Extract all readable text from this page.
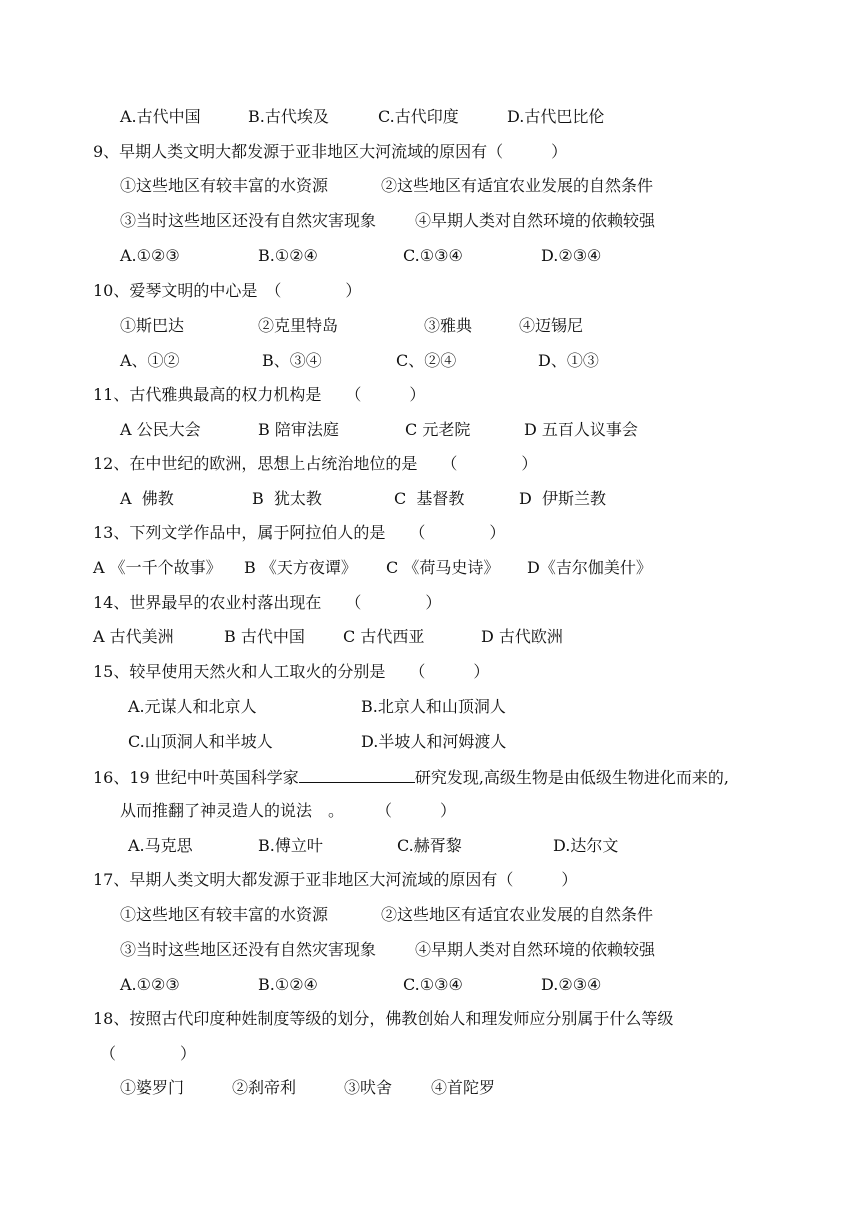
A.古代中国	B.古代埃及	C.古代印度	D.古代巴比伦
9、早期人类文明大都发源于亚非地区大河流域的原因有（　　　）
①这些地区有较丰富的水资源	②这些地区有适宜农业发展的自然条件
③当时这些地区还没有自然灾害现象 ④早期人类对自然环境的依赖较强
A.①②③	B.①②④	C.①③④	D.②③④
10、爱琴文明的中心是　（　　　　）
①斯巴达	②克里特岛	③雅典	④迈锡尼
A、①②	B、③④	C、②④	D、①③
11、古代雅典最高的权力机构是　　（　　　）
A 公民大会	B 陪审法庭	C 元老院	D 五百人议事会
12、在中世纪的欧洲，思想上占统治地位的是　　（　　　　）
A  佛教	B  犹太教	C  基督教	D  伊斯兰教
13、下列文学作品中，属于阿拉伯人的是　　（　　　　）
A 《一千个故事》 B 《天方夜谭》 C 《荷马史诗》 D《吉尔伽美什》
14、世界最早的农业村落出现在　　（　　　　）
A 古代美洲	B 古代中国 C 古代西亚	D 古代欧洲
15、较早使用天然火和人工取火的分别是　　（　　　）
A.元谋人和北京人	B.北京人和山顶洞人
C.山顶洞人和半坡人	D.半坡人和河姆渡人
16、19 世纪中叶英国科学家	研究发现,高级生物是由低级生物进化而来的,
从而推翻了神灵造人的说法　。　　　（　　　）
A.马克思	B.傅立叶	C.赫胥黎	D.达尔文
17、早期人类文明大都发源于亚非地区大河流域的原因有（　　　）
①这些地区有较丰富的水资源	②这些地区有适宜农业发展的自然条件
③当时这些地区还没有自然灾害现象 ④早期人类对自然环境的依赖较强
A.①②③	B.①②④	C.①③④	D.②③④
18、按照古代印度种姓制度等级的划分，佛教创始人和理发师应分别属于什么等级
（　　　　）
①婆罗门	②刹帝利	③吠舍 ④首陀罗
